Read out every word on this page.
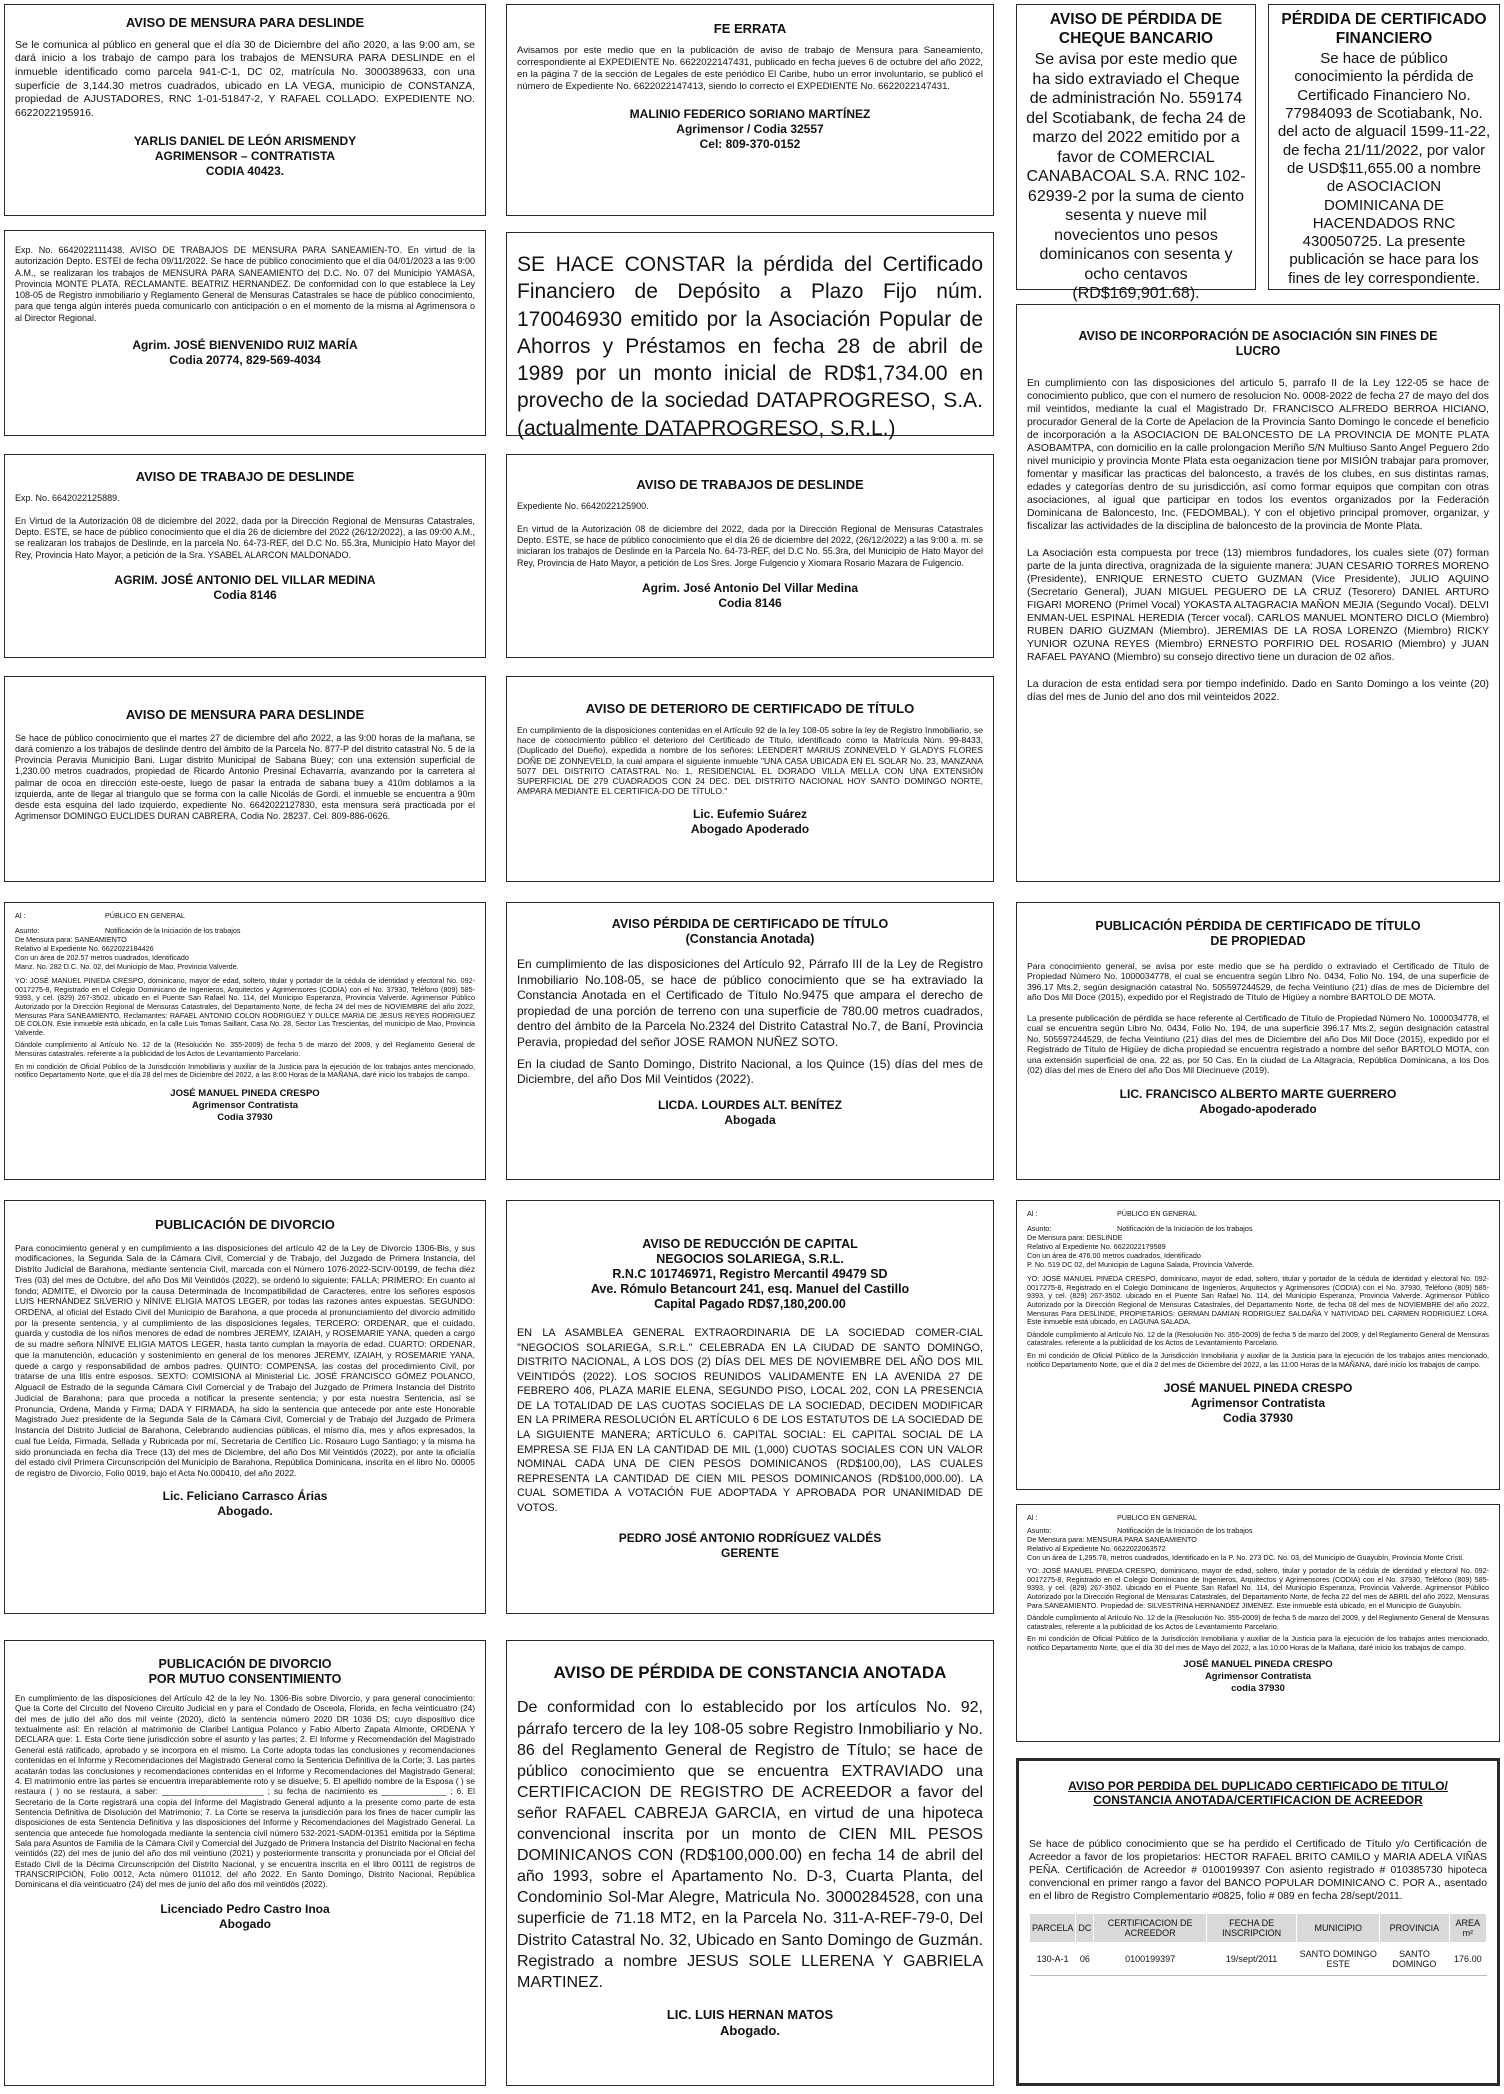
AVISO DE MENSURA PARA DESLINDE

Se le comunica al público en general que el día 30 de Diciembre del año 2020, a las 9:00 am, se dará inicio a los trabajo de campo para los trabajos de MENSURA PARA DESLINDE en el inmueble identificado como parcela 941-C-1, DC 02, matrícula No. 3000389633, con una superficie de 3,144.30 metros cuadrados, ubicado en LA VEGA, municipio de CONSTANZA, propiedad de AJUSTADORES, RNC 1-01-51847-2, Y RAFAEL COLLADO. EXPEDIENTE NO. 6622022195916.

YARLIS DANIEL DE LEÓN ARISMENDY
AGRIMENSOR – CONTRATISTA
CODIA 40423.

Exp. No. 6642022111438. AVISO DE TRABAJOS DE MENSURA PARA SANEAMIEN-TO. En virtud de la autorización Depto. ESTEI de fecha 09/11/2022. Se hace de público conocimiento que el día 04/01/2023 a las 9:00 A.M., se realizaran los trabajos de MENSURA PARA SANEAMIENTO del D.C. No. 07 del Municipio YAMASA, Provincia MONTE PLATA. RECLAMANTE. BEATRIZ HERNANDEZ. De conformidad con lo que establece la Ley 108-05 de Registro inmobiliario y Reglamento General de Mensuras Catastrales se hace de público conocimiento, para que tenga algún interés pueda comunicarlo con anticipación o en el momento de la misma al Agrimensora o al Director Regional.

Agrim. JOSÉ BIENVENIDO RUIZ MARÍA
Codia 20774, 829-569-4034
AVISO DE TRABAJO DE DESLINDE

Exp. No. 6642022125889.

En Virtud de la Autorización 08 de diciembre del 2022, dada por la Dirección Regional de Mensuras Catastrales, Depto. ESTE, se hace de público conocimiento que el día 26 de diciembre del 2022 (26/12/2022), a las 09:00 A.M., se realizaran los trabajos de Deslinde, en la parcela No. 64-73-REF, del D.C No. 55.3ra, Municipio Hato Mayor del Rey, Provincia Hato Mayor, a petición de la Sra. YSABEL ALARCON MALDONADO.

AGRIM. JOSÉ ANTONIO DEL VILLAR MEDINA
Codia 8146
AVISO DE MENSURA PARA DESLINDE

Se hace de público conocimiento que el martes 27 de diciembre del año 2022, a las 9:00 horas de la mañana, se dará comienzo a los trabajos de deslinde dentro del ámbito de la Parcela No. 877-P del distrito catastral No. 5 de la Provincia Peravia Municipio Bani. Lugar distrito Municipal de Sabana Buey; con una extensión superficial de 1,230.00 metros cuadrados, propiedad de Ricardo Antonio Presinal Echavarría, avanzando por la carretera al palmar de ocoa en dirección este-oeste, luego de pasar la entrada de sabana buey a 410m doblamos a la izquierda, ante de llegar al triangulo que se forma con la calle Nicolás de Gordi. el inmueble se encuentra a 90m desde esta esquina del lado izquierdo, expediente No. 6642022127830, esta mensura será practicada por el Agrimensor DOMINGO EUCLIDES DURAN CABRERA, Codia No. 28237. Cel. 809-886-0626.

Al :	PÚBLICO EN GENERAL
Asunto:	Notificación de la Iniciación de los trabajos
De Mensura para: SANEAMIENTO
Relativo al Expediente No. 6622022184426
Con un área de 202.57 metros cuadrados, Identificado
Manz. No. 282 D.C. No. 02, del Municipio de Mao, Provincia Valverde.

YO: JOSÉ MANUEL PINEDA CRESPO, dominicano, mayor de edad, soltero, titular y portador de la cédula de identidad y electoral No. 092-0017275-8, Registrado en el Colegio Dominicano de Ingenieros, Arquitectos y Agrimensores (CODIA) con el No. 37930, Teléfono (809) 585-9393, y cel. (829) 267-3502. ubicado en el Puente San Rafael No. 114, del Municipio Esperanza, Provincia Valverde. Agrimensor Público Autorizado por la Dirección Regional de Mensuras Catastrales, del Departamento Norte, de fecha 24 del mes de NOVIEMBRE del año 2022, Mensuras Para SANEAMIENTO, Reclamantes: RAFAEL ANTONIO COLON RODRIGUEZ Y DULCE MARIA DE JESUS REYES RODRIGUEZ DE COLON. Este inmueble está ubicado, en la calle Luis Tomas Saillant, Casa No. 28, Sector Las Trescientas, del municipio de Mao, Provincia Valverde.

Dándole cumplimiento al Artículo No. 12 de la (Resolución No. 355-2009) de fecha 5 de marzo del 2009, y del Reglamento General de Mensuras catastrales. referente a la publicidad de los Actos de Levantamiento Parcelario.

En mi condición de Oficial Público de la Jurisdicción Inmobiliaria y auxiliar de la Justicia para la ejecución de los trabajos antes mencionado, notifico Departamento Norte, que el día 28 del mes de Diciembre del 2022, a las 8:00 Horas de la MAÑANA, daré inicio los trabajos de campo.

JOSÉ MANUEL PINEDA CRESPO
Agrimensor Contratista
Codia 37930
PUBLICACIÓN DE DIVORCIO

Para conocimiento general y en cumplimiento a las disposiciones del artículo 42 de la Ley de Divorcio 1306-Bis, y sus modificaciones, la Segunda Sala de la Cámara Civil, Comercial y de Trabajo, del Juzgado de Primera Instancia, del Distrito Judicial de Barahona, mediante sentencia Civil, marcada con el Número 1076-2022-SCIV-00199, de fecha diez Tres (03) del mes de Octubre, del año Dos Mil Veintidós (2022), se ordenó lo siguiente: FALLA; PRIMERO: En cuanto al fondo; ADMITE, el Divorcio por la causa Determinada de Incompatibilidad de Caracteres, entre los señores esposos LUIS HERNÁNDEZ SILVERIO y NÍNIVE ELIGIA MATOS LEGER, por todas las razones antes expuestas. SEGUNDO: ORDENA, al oficial del Estado Civil del Municipio de Barahona, a que proceda al pronunciamiento del divorcio admitido por la presente sentencia, y al cumplimiento de las disposiciones legales, TERCERO: ORDENAR, que el cuidado, guarda y custodia de los niños menores de edad de nombres JEREMY, IZAIAH, y ROSEMARIE YANA, queden a cargo de su madre señora NÍNIVE ELIGIA MATOS LEGER, hasta tanto cumplan la mayoría de edad. CUARTO: ORDENAR, que la manutención, educación y sostenimiento en general de los menores JEREMY, IZAIAH, y ROSEMARIE YANA, quede a cargo y responsabilidad de ambos padres. QUINTO: COMPENSA, las costas del procedimiento Civil, por tratarse de una litis entre esposos. SEXTO: COMISIONA al Ministerial Lic. JOSÉ FRANCISCO GÓMEZ POLANCO, Alguacil de Estrado de la segunda Cámara Civil Comercial y de Trabajo del Juzgado de Primera Instancia del Distrito Judicial de Barahona; para que proceda a notificar la presente sentencia; y por esta nuestra Sentencia, así se Pronuncia, Ordena, Manda y Firma; DADA Y FIRMADA, ha sido la sentencia que antecede por ante este Honorable Magistrado Juez presidente de la Segunda Sala de la Cámara Civil, Comercial y de Trabajo del Juzgado de Primera Instancia del Distrito Judicial de Barahona, Celebrando audiencias públicas, el mismo día, mes y años expresados, la cual fue Leída, Firmada, Sellada y Rubricada por mí, Secretaria de Certifico Lic. Rosauro Lugo Santiago; y la misma ha sido pronunciada en fecha día Trece (13) del mes de Diciembre, del año Dos Mil Veintidós (2022), por ante la oficialía del estado civil Primera Circunscripción del Municipio de Barahona, República Dominicana, inscrita en el libro No. 00005 de registro de Divorcio, Folio 0019, bajo el Acta No.000410, del año 2022.

Lic. Feliciano Carrasco Árias
Abogado.
PUBLICACIÓN DE DIVORCIO
POR MUTUO CONSENTIMIENTO

En cumplimiento de las disposiciones del Artículo 42 de la ley No. 1306-Bis sobre Divorcio, y para general conocimiento: Que la Corte del Circuito del Noveno Circuito Judicial en y para el Condado de Osceola, Florida, en fecha veinticuatro (24) del mes de julio del año dos mil veinte (2020), dictó la sentencia número 2020 DR 1036 DS; cuyo dispositivo dice textualmente así: En relación al matrimonio de Claribel Lantigua Polanco y Fabio Alberto Zapata Almonte, ORDENA Y DECLARA que: 1. Esta Corte tiene jurisdicción sobre el asunto y las partes; 2. El Informe y Recomendación del Magistrado General está ratificado, aprobado y se incorpora en el mismo. La Corte adopta todas las conclusiones y recomendaciones contenidas en el Informe y Recomendaciones del Magistrado General como la Sentencia Definitiva de la Corte; 3. Las partes acatarán todas las conclusiones y recomendaciones contenidas en el Informe y Recomendaciones del Magistrado General; 4. El matrimonio entre las partes se encuentra irreparablemente roto y se disuelve; 5. El apellido nombre de la Esposa ( ) se restaura ( ) no se restaura, a saber: ______________________ ; su fecha de nacimiento es ______________ ; 6. El Secretario de la Corte registrará una copia del Informe del Magistrado General adjunto a la presente como parte de esta Sentencia Definitiva de Disolución del Matrimonio; 7. La Corte se reserva la jurisdicción para los fines de hacer cumplir las disposiciones de esta Sentencia Definitiva y las disposiciones del Informe y Recomendaciones del Magistrado General. La sentencia que antecede fue homologada mediante la sentencia civil número 532-2021-SADM-01351 emitida por la Séptima Sala para Asuntos de Familia de la Cámara Civil y Comercial del Juzgado de Primera Instancia del Distrito Nacional en fecha veintidós (22) del mes de junio del año dos mil veintiuno (2021) y posteriormente transcrita y pronunciada por el Oficial del Estado Civil de la Décima Circunscripción del Distrito Nacional, y se encuentra inscrita en el libro 00111 de registros de TRANSCRIPCIÓN, Folio 0012, Acta número 011012, del año 2022. En Santo Domingo, Distrito Nacional, República Dominicana el día veinticuatro (24) del mes de junio del año dos mil veintidós (2022).

Licenciado Pedro Castro Inoa
Abogado
FE ERRATA

Avisamos por este medio que en la publicación de aviso de trabajo de Mensura para Saneamiento, correspondiente al EXPEDIENTE No. 6622022147431, publicado en fecha jueves 6 de octubre del año 2022, en la página 7 de la sección de Legales de este periódico El Caribe, hubo un error involuntario, se publicó el número de Expediente No. 6622022147413, siendo lo correcto el EXPEDIENTE No. 6622022147431.

MALINIO FEDERICO SORIANO MARTÍNEZ
Agrimensor / Codia 32557
Cel: 809-370-0152

SE HACE CONSTAR la pérdida del Certificado Financiero de Depósito a Plazo Fijo núm. 170046930 emitido por la Asociación Popular de Ahorros y Préstamos en fecha 28 de abril de 1989 por un monto inicial de RD$1,734.00 en provecho de la sociedad DATAPROGRESO, S.A. (actualmente DATAPROGRESO, S.R.L.)

AVISO DE TRABAJOS DE DESLINDE

Expediente No. 6642022125900.

En virtud de la Autorización 08 de diciembre del 2022, dada por la Dirección Regional de Mensuras Catastrales Depto. ESTE, se hace de público conocimiento que el día 26 de diciembre del 2022, (26/12/2022) a las 9:00 a. m. se iniciaran los trabajos de Deslinde en la Parcela No. 64-73-REF, del D.C No. 55.3ra, del Municipio de Hato Mayor del Rey, Provincia de Hato Mayor, a petición de Los Sres. Jorge Fulgencio y Xiomara Rosario Mazara de Fulgencio.

Agrim. José Antonio Del Villar Medina
Codia 8146
AVISO DE DETERIORO DE CERTIFICADO DE TÍTULO

En cumplimiento de la disposiciones contenidas en el Artículo 92 de la ley 108-05 sobre la ley de Registro Inmobiliario, se hace de conocimiento público el deterioro del Certificado de Título, identificado como la Matrícula Núm. 99-8433, (Duplicado del Dueño), expedida a nombre de los señores: LEENDERT MARIUS ZONNEVELD Y GLADYS FLORES DOÑE DE ZONNEVELD, la cual ampara el siguiente inmueble "UNA CASA UBICADA EN EL SOLAR No. 23, MANZANA 5077 DEL DISTRITO CATASTRAL No. 1, RESIDENCIAL EL DORADO VILLA MELLA CON UNA EXTENSIÓN SUPERFICIAL DE 279 CUADRADOS CON 24 DEC. DEL DISTRITO NACIONAL HOY SANTO DOMINGO NORTE, AMPARA MEDIANTE EL CERTIFICA-DO DE TÍTULO."

Lic. Eufemio Suárez
Abogado Apoderado
AVISO PÉRDIDA DE CERTIFICADO DE TÍTULO
(Constancia Anotada)

En cumplimiento de las disposiciones del Artículo 92, Párrafo III de la Ley de Registro Inmobiliario No.108-05, se hace de público conocimiento que se ha extraviado la Constancia Anotada en el Certificado de Título No.9475 que ampara el derecho de propiedad de una porción de terreno con una superficie de 780.00 metros cuadrados, dentro del ámbito de la Parcela No.2324 del Distrito Catastral No.7, de Baní, Provincia Peravia, propiedad del señor JOSE RAMON NUÑEZ SOTO.

En la ciudad de Santo Domingo, Distrito Nacional, a los Quince (15) días del mes de Diciembre, del año Dos Mil Veintidos (2022).

LICDA. LOURDES ALT. BENÍTEZ
Abogada
AVISO DE REDUCCIÓN DE CAPITAL
NEGOCIOS SOLARIEGA, S.R.L.
R.N.C 101746971, Registro Mercantil 49479 SD
Ave. Rómulo Betancourt 241, esq. Manuel del Castillo
Capital Pagado RD$7,180,200.00

EN LA ASAMBLEA GENERAL EXTRAORDINARIA DE LA SOCIEDAD COMER-CIAL "NEGOCIOS SOLARIEGA, S.R.L." CELEBRADA EN LA CIUDAD DE SANTO DOMINGO, DISTRITO NACIONAL, A LOS DOS (2) DÍAS DEL MES DE NOVIEMBRE DEL AÑO DOS MIL VEINTIDÓS (2022). LOS SOCIOS REUNIDOS VALIDAMENTE EN LA AVENIDA 27 DE FEBRERO 406, PLAZA MARIE ELENA, SEGUNDO PISO, LOCAL 202, CON LA PRESENCIA DE LA TOTALIDAD DE LAS CUOTAS SOCIELAS DE LA SOCIEDAD, DECIDEN MODIFICAR EN LA PRIMERA RESOLUCIÓN EL ARTÍCULO 6 DE LOS ESTATUTOS DE LA SOCIEDAD DE LA SIGUIENTE MANERA; ARTÍCULO 6. CAPITAL SOCIAL: EL CAPITAL SOCIAL DE LA EMPRESA SE FIJA EN LA CANTIDAD DE MIL (1,000) CUOTAS SOCIALES CON UN VALOR NOMINAL CADA UNA DE CIEN PESOS DOMINICANOS (RD$100,00), LAS CUALES REPRESENTA LA CANTIDAD DE CIEN MIL PESOS DOMINICANOS (RD$100,000.00). LA CUAL SOMETIDA A VOTACIÓN FUE ADOPTADA Y APROBADA POR UNANIMIDAD DE VOTOS.

PEDRO JOSÉ ANTONIO RODRÍGUEZ VALDÉS
GERENTE
AVISO DE PÉRDIDA DE CONSTANCIA ANOTADA

De conformidad con lo establecido por los artículos No. 92, párrafo tercero de la ley 108-05 sobre Registro Inmobiliario y No. 86 del Reglamento General de Registro de Título; se hace de público conocimiento que se encuentra EXTRAVIADO una CERTIFICACION DE REGISTRO DE ACREEDOR a favor del señor RAFAEL CABREJA GARCIA, en virtud de una hipoteca convencional inscrita por un monto de CIEN MIL PESOS DOMINICANOS CON (RD$100,000.00) en fecha 14 de abril del año 1993, sobre el Apartamento No. D-3, Cuarta Planta, del Condominio Sol-Mar Alegre, Matricula No. 3000284528, con una superficie de 71.18 MT2, en la Parcela No. 311-A-REF-79-0, Del Distrito Catastral No. 32, Ubicado en Santo Domingo de Guzmán. Registrado a nombre JESUS SOLE LLERENA Y GABRIELA MARTINEZ.

LIC. LUIS HERNAN MATOS
Abogado.
AVISO DE PÉRDIDA DE CHEQUE BANCARIO

Se avisa por este medio que ha sido extraviado el Cheque de administración No. 559174 del Scotiabank, de fecha 24 de marzo del 2022 emitido por a favor de COMERCIAL CANABACOAL S.A. RNC 102-62939-2 por la suma de ciento sesenta y nueve mil novecientos uno pesos dominicanos con sesenta y ocho centavos (RD$169,901.68).

PÉRDIDA DE CERTIFICADO FINANCIERO

Se hace de público conocimiento la pérdida de Certificado Financiero No. 77984093 de Scotiabank, No. del acto de alguacil 1599-11-22, de fecha 21/11/2022, por valor de USD$11,655.00 a nombre de ASOCIACION DOMINICANA DE HACENDADOS RNC 430050725. La presente publicación se hace para los fines de ley correspondiente.

AVISO DE INCORPORACIÓN DE ASOCIACIÓN SIN FINES DE LUCRO

En cumplimiento con las disposiciones del articulo 5, parrafo II de la Ley 122-05 se hace de conocimiento publico, que con el numero de resolucion No. 0008-2022 de fecha 27 de mayo del dos mil veintidos, mediante la cual el Magistrado Dr. FRANCISCO ALFREDO BERROA HICIANO, procurador General de la Corte de Apelacion de la Provincia Santo Domingo le concede el beneficio de incorporación a la ASOCIACION DE BALONCESTO DE LA PROVINCIA DE MONTE PLATA ASOBAMTPA, con domicilio en la calle prolongacion Meriño S/N Multiuso Santo Angel Peguero 2do nivel municipio y provincia Monte Plata esta oeganizacion tiene por MISIÓN trabajar para promover, fomentar y masificar las practicas del baloncesto, a través de los clubes, en sus distintas ramas, edades y categorías dentro de su jurisdicción, así como formar equipos que compitan con otras asociaciones, al igual que participar en todos los eventos organizados por la Federación Dominicana de Baloncesto, Inc. (FEDOMBAL). Y con el objetivo principal promover, organizar, y fiscalizar las actividades de la disciplina de baloncesto de la provincia de Monte Plata.

La Asociación esta compuesta por trece (13) miembros fundadores, los cuales siete (07) forman parte de la junta directiva, oragnizada de la siguiente manera: JUAN CESARIO TORRES MORENO (Presidente), ENRIQUE ERNESTO CUETO GUZMAN (Vice Presidente), JULIO AQUINO (Secretario General), JUAN MIGUEL PEGUERO DE LA CRUZ (Tesorero) DANIEL ARTURO FIGARI MORENO (Primel Vocal) YOKASTA ALTAGRACIA MAÑON MEJIA (Segundo Vocal). DELVI ENMAN-UEL ESPINAL HEREDIA (Tercer vocal). CARLOS MANUEL MONTERO DICLO (Miembro) RUBEN DARIO GUZMAN (Miembro). JEREMIAS DE LA ROSA LORENZO (Miembro) RICKY YUNIOR OZUNA REYES (Miembro) ERNESTO PORFIRIO DEL ROSARIO (Miembro) y JUAN RAFAEL PAYANO (Miembro) su consejo directivo tiene un duracion de 02 años.

La duracion de esta entidad sera por tiempo indefinido. Dado en Santo Domingo a los veinte (20) días del mes de Junio del ano dos mil veinteidos 2022.

PUBLICACIÓN PÉRDIDA DE CERTIFICADO DE TÍTULO DE PROPIEDAD

Para conocimiento general, se avisa por este medio que se ha perdido o extraviado el Certificado de Título de Propiedad Número No. 1000034778, el cual se encuentra según Libro No. 0434, Folio No. 194, de una superficie de 396.17 Mts.2, según designación catastral No. 505597244529, de fecha Veintiuno (21) días de mes de Diciembre del año Dos Mil Doce (2015), expedido por el Registrado de Título de Higüey a nombre BARTOLO DE MOTA.

La presente publicación de pérdida se hace referente al Certificado de Título de Propiedad Número No. 1000034778, el cual se encuentra según Libro No. 0434, Folio No. 194, de una superficie 396.17 Mts.2, según designación catastral No. 505597244529, de fecha Veintiuno (21) días del mes de Diciembre del año Dos Mil Doce (2015), expedido por el Registrado de Título de Higüey de dicha propiedad se encuentra registrado a nombre del señor BARTOLO MOTA, con una extensión superficial de ona. 22 as, por 50 Cas. En la ciudad de La Altagracia, República Dominicana, a los Dos (02) días del mes de Enero del año Dos Mil Diecinueve (2019).

LIC. FRANCISCO ALBERTO MARTE GUERRERO
Abogado-apoderado
Al :	PÚBLICO EN GENERAL
Asunto:	Notificación de la Iniciación de los trabajos
De Mensura para: DESLINDE
Relativo al Expediente No. 6622022179589
Con un área de 476.00 metros cuadrados, Identificado
P. No. 519 DC 02, del Municipio de Laguna Salada, Provincia Valverde.

YO: JOSÉ MANUEL PINEDA CRESPO, dominicano, mayor de edad, soltero, titular y portador de la cédula de identidad y electoral No. 092-0017275-8, Registrado en el Colegio Dominicano de Ingenieros, Arquitectos y Agrimensores (CODIA) con el No. 37930, Teléfono (809) 585-9393, y cel. (829) 267-3502. ubicado en el Puente San Rafael No. 114, del Municipio Esperanza, Provincia Valverde. Agrimensor Público Autorizado por la Dirección Regional de Mensuras Catastrales, del Departamento Norte, de fecha 08 del mes de NOVIEMBRE del año 2022, Mensuras Para DESLINDE, PROPIETARIOS: GERMAN DAMIAN RODRIGUEZ SALDAÑA Y NATIVIDAD DEL CARMEN RODRIGUEZ LORA. Este inmueble está ubicado, en LAGUNA SALADA.

Dándole cumplimiento al Artículo No. 12 de la (Resolución No. 355-2009) de fecha 5 de marzo del 2009, y del Reglamento General de Mensuras catastrales. referente a la publicidad de los Actos de Levantamiento Parcelario.

En mi condición de Oficial Público de la Jurisdicción Inmobiliaria y auxiliar de la Justicia para la ejecución de los trabajos antes mencionado, notifico Departamento Norte, que el día 2 del mes de Diciembre del 2022, a las 11:00 Horas de la MAÑANA, daré inicio los trabajos de campo.

JOSÉ MANUEL PINEDA CRESPO
Agrimensor Contratista
Codia 37930
Al :	PUBLICO EN GENERAL
Asunto:	Notificación de la Iniciación de los trabajos
De Mensura para: MENSURA PARA SANEAMIENTO
Relativo al Expediente No. 6622022063572
Con un área de 1,295.78, metros cuadrados, Identificado en la P. No. 273 DC. No. 03, del Municipio de Guayubín, Provincia Monte Cristi.

YO: JOSÉ MANUEL PINEDA CRESPO, dominicano, mayor de edad, soltero, titular y portador de la cédula de identidad y electoral No. 092-0017275-8, Registrado en el Colegio Dominicano de Ingenieros, Arquitectos y Agrimensores (CODIA) con el No. 37930, Teléfono (809) 585-9393, y cel. (829) 267-3502. ubicado en el Puente San Rafael No. 114, del Municipio Esperanza, Provincia Valverde. Agrimensor Público Autorizado por la Dirección Regional de Mensuras Catastrales, del Departamento Norte, de fecha 22 del mes de ABRIL del año 2022, Mensuras Para SANEAMIENTO. Propiedad de: SILVESTRINA HERNANDEZ JIMENEZ. Este inmueble está ubicado, en el Municipio de Guayubín.

Dándole cumplimiento al Artículo No. 12 de la (Resolución No. 355-2009) de fecha 5 de marzo del 2009, y del Reglamento General de Mensuras catastrales, referente a la publicidad de los Actos de Levantamiento Parcelario.

En mi condición de Oficial Público de la Jurisdicción Inmobiliaria y auxiliar de la Justicia para la ejecución de los trabajos antes mencionado, notifico Departamento Norte, que el día 30 del mes de Mayo del 2022, a las 10:00 Horas de la Mañana, daré inicio los trabajos de campo.

JOSÉ MANUEL PINEDA CRESPO
Agrimensor Contratista
codia 37930
AVISO POR PERDIDA DEL DUPLICADO CERTIFICADO DE TITULO/
CONSTANCIA ANOTADA/CERTIFICACION DE ACREEDOR

Se hace de público conocimiento que se ha perdido el Certificado de Título y/o Certificación de Acreedor a favor de los propietarios: HECTOR RAFAEL BRITO CAMILO y MARIA ADELA VIÑAS PEÑA. Certificación de Acreedor # 0100199397 Con asiento registrado # 010385730 hipoteca convencional en primer rango a favor del BANCO POPULAR DOMINICANO C. POR A., asentado en el libro de Registro Complementario #0825, folio # 089 en fecha 28/sept/2011.

PARCELA	DC	CERTIFICACION DE ACREEDOR	FECHA DE INSCRIPCION	MUNICIPIO	PROVINCIA	AREA m²
130-A-1	06	0100199397	19/sept/2011	SANTO DOMINGO ESTE	SANTO DOMINGO	176.00
